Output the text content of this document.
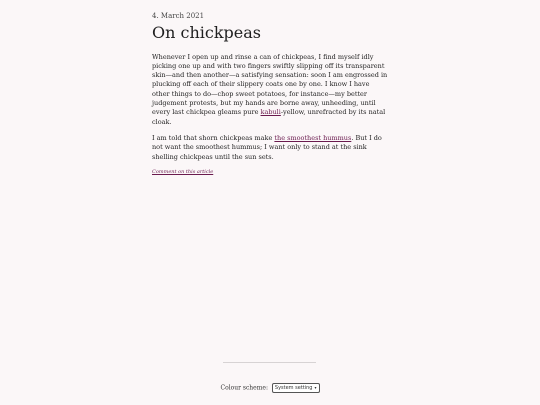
4. March 2021
On chickpeas

Whenever I open up and rinse a can of chickpeas, I find myself idly picking one up and with two fingers swiftly slipping off its transparent skin—and then another—a satisfying sensation: soon I am engrossed in plucking off each of their slippery coats one by one. I know I have other things to do—chop sweet potatoes, for instance—my better judgement protests, but my hands are borne away, unheeding, until every last chickpea gleams pure kabuli-yellow, unrefracted by its natal cloak.

I am told that shorn chickpeas make the smoothest hummus. But I do not want the smoothest hummus; I want only to stand at the sink shelling chickpeas until the sun sets.

Comment on this article
Colour scheme: System setting ▾
